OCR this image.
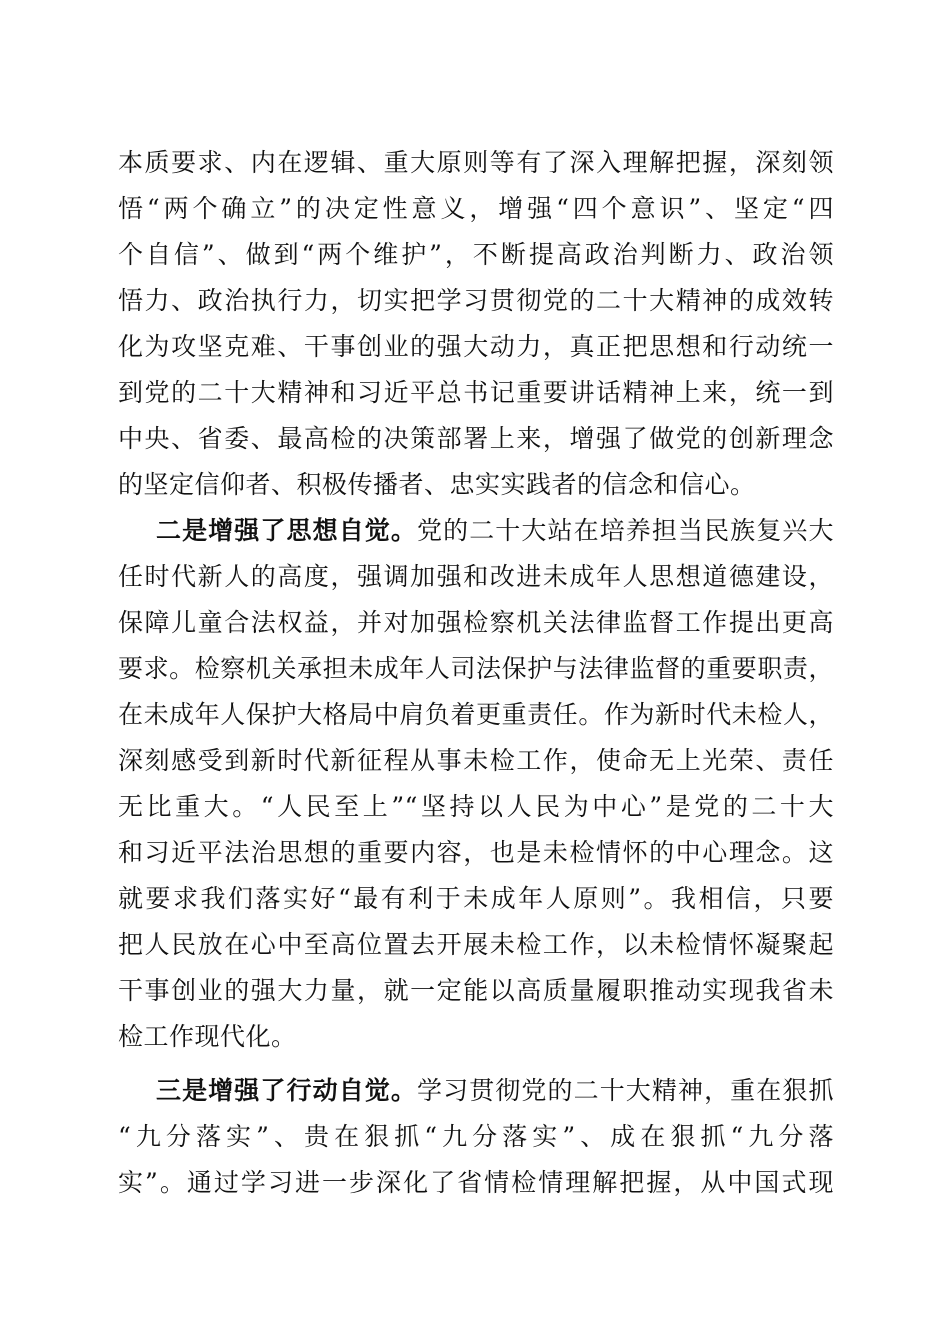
本质要求、内在逻辑、重大原则等有了深入理解把握，深刻领
悟“两个确立”的决定性意义，增强“四个意识”、坚定“四
个自信”、做到“两个维护”，不断提高政治判断力、政治领
悟力、政治执行力，切实把学习贯彻党的二十大精神的成效转
化为攻坚克难、干事创业的强大动力，真正把思想和行动统一
到党的二十大精神和习近平总书记重要讲话精神上来，统一到
中央、省委、最高检的决策部署上来，增强了做党的创新理念
的坚定信仰者、积极传播者、忠实实践者的信念和信心。
二是增强了思想自觉。党的二十大站在培养担当民族复兴大
任时代新人的高度，强调加强和改进未成年人思想道德建设，
保障儿童合法权益，并对加强检察机关法律监督工作提出更高
要求。检察机关承担未成年人司法保护与法律监督的重要职责，
在未成年人保护大格局中肩负着更重责任。作为新时代未检人，
深刻感受到新时代新征程从事未检工作，使命无上光荣、责任
无比重大。“人民至上”“坚持以人民为中心”是党的二十大
和习近平法治思想的重要内容，也是未检情怀的中心理念。这
就要求我们落实好“最有利于未成年人原则”。我相信，只要
把人民放在心中至高位置去开展未检工作，以未检情怀凝聚起
干事创业的强大力量，就一定能以高质量履职推动实现我省未
检工作现代化。
三是增强了行动自觉。学习贯彻党的二十大精神，重在狠抓
“九分落实”、贵在狠抓“九分落实”、成在狠抓“九分落
实”。通过学习进一步深化了省情检情理解把握，从中国式现
